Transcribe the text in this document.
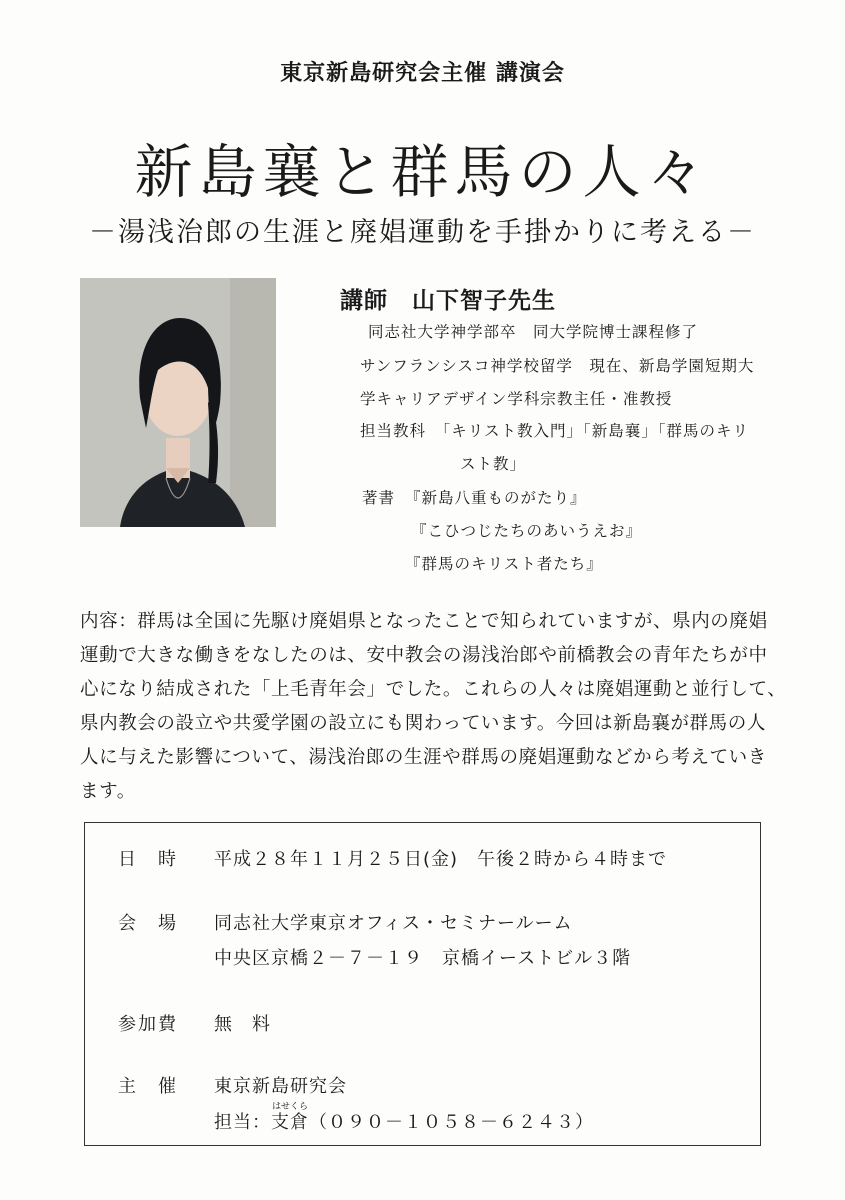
東京新島研究会主催 講演会
新島襄と群馬の人々
－湯浅治郎の生涯と廃娼運動を手掛かりに考える－
講師　山下智子先生
同志社大学神学部卒　同大学院博士課程修了
サンフランシスコ神学校留学　現在、新島学園短期大
学キャリアデザイン学科宗教主任・准教授
担当教科　「キリスト教入門」「新島襄」「群馬のキリ
スト教」
著書 『新島八重ものがたり』
『こひつじたちのあいうえお』
『群馬のキリスト者たち』

内容：群馬は全国に先駆け廃娼県となったことで知られていますが、県内の廃娼

運動で大きな働きをなしたのは、安中教会の湯浅治郎や前橋教会の青年たちが中

心になり結成された「上毛青年会」でした。これらの人々は廃娼運動と並行して、

県内教会の設立や共愛学園の設立にも関わっています。今回は新島襄が群馬の人

人に与えた影響について、湯浅治郎の生涯や群馬の廃娼運動などから考えていき

ます。

日　時 平成２８年１１月２５日(金)　午後２時から４時まで
会　場 同志社大学東京オフィス・セミナールーム
中央区京橋２－７－１９　京橋イーストビル３階
参加費 無　料
主　催 東京新島研究会
はせくら
担当：支倉（０９０－１０５８－６２４３）
